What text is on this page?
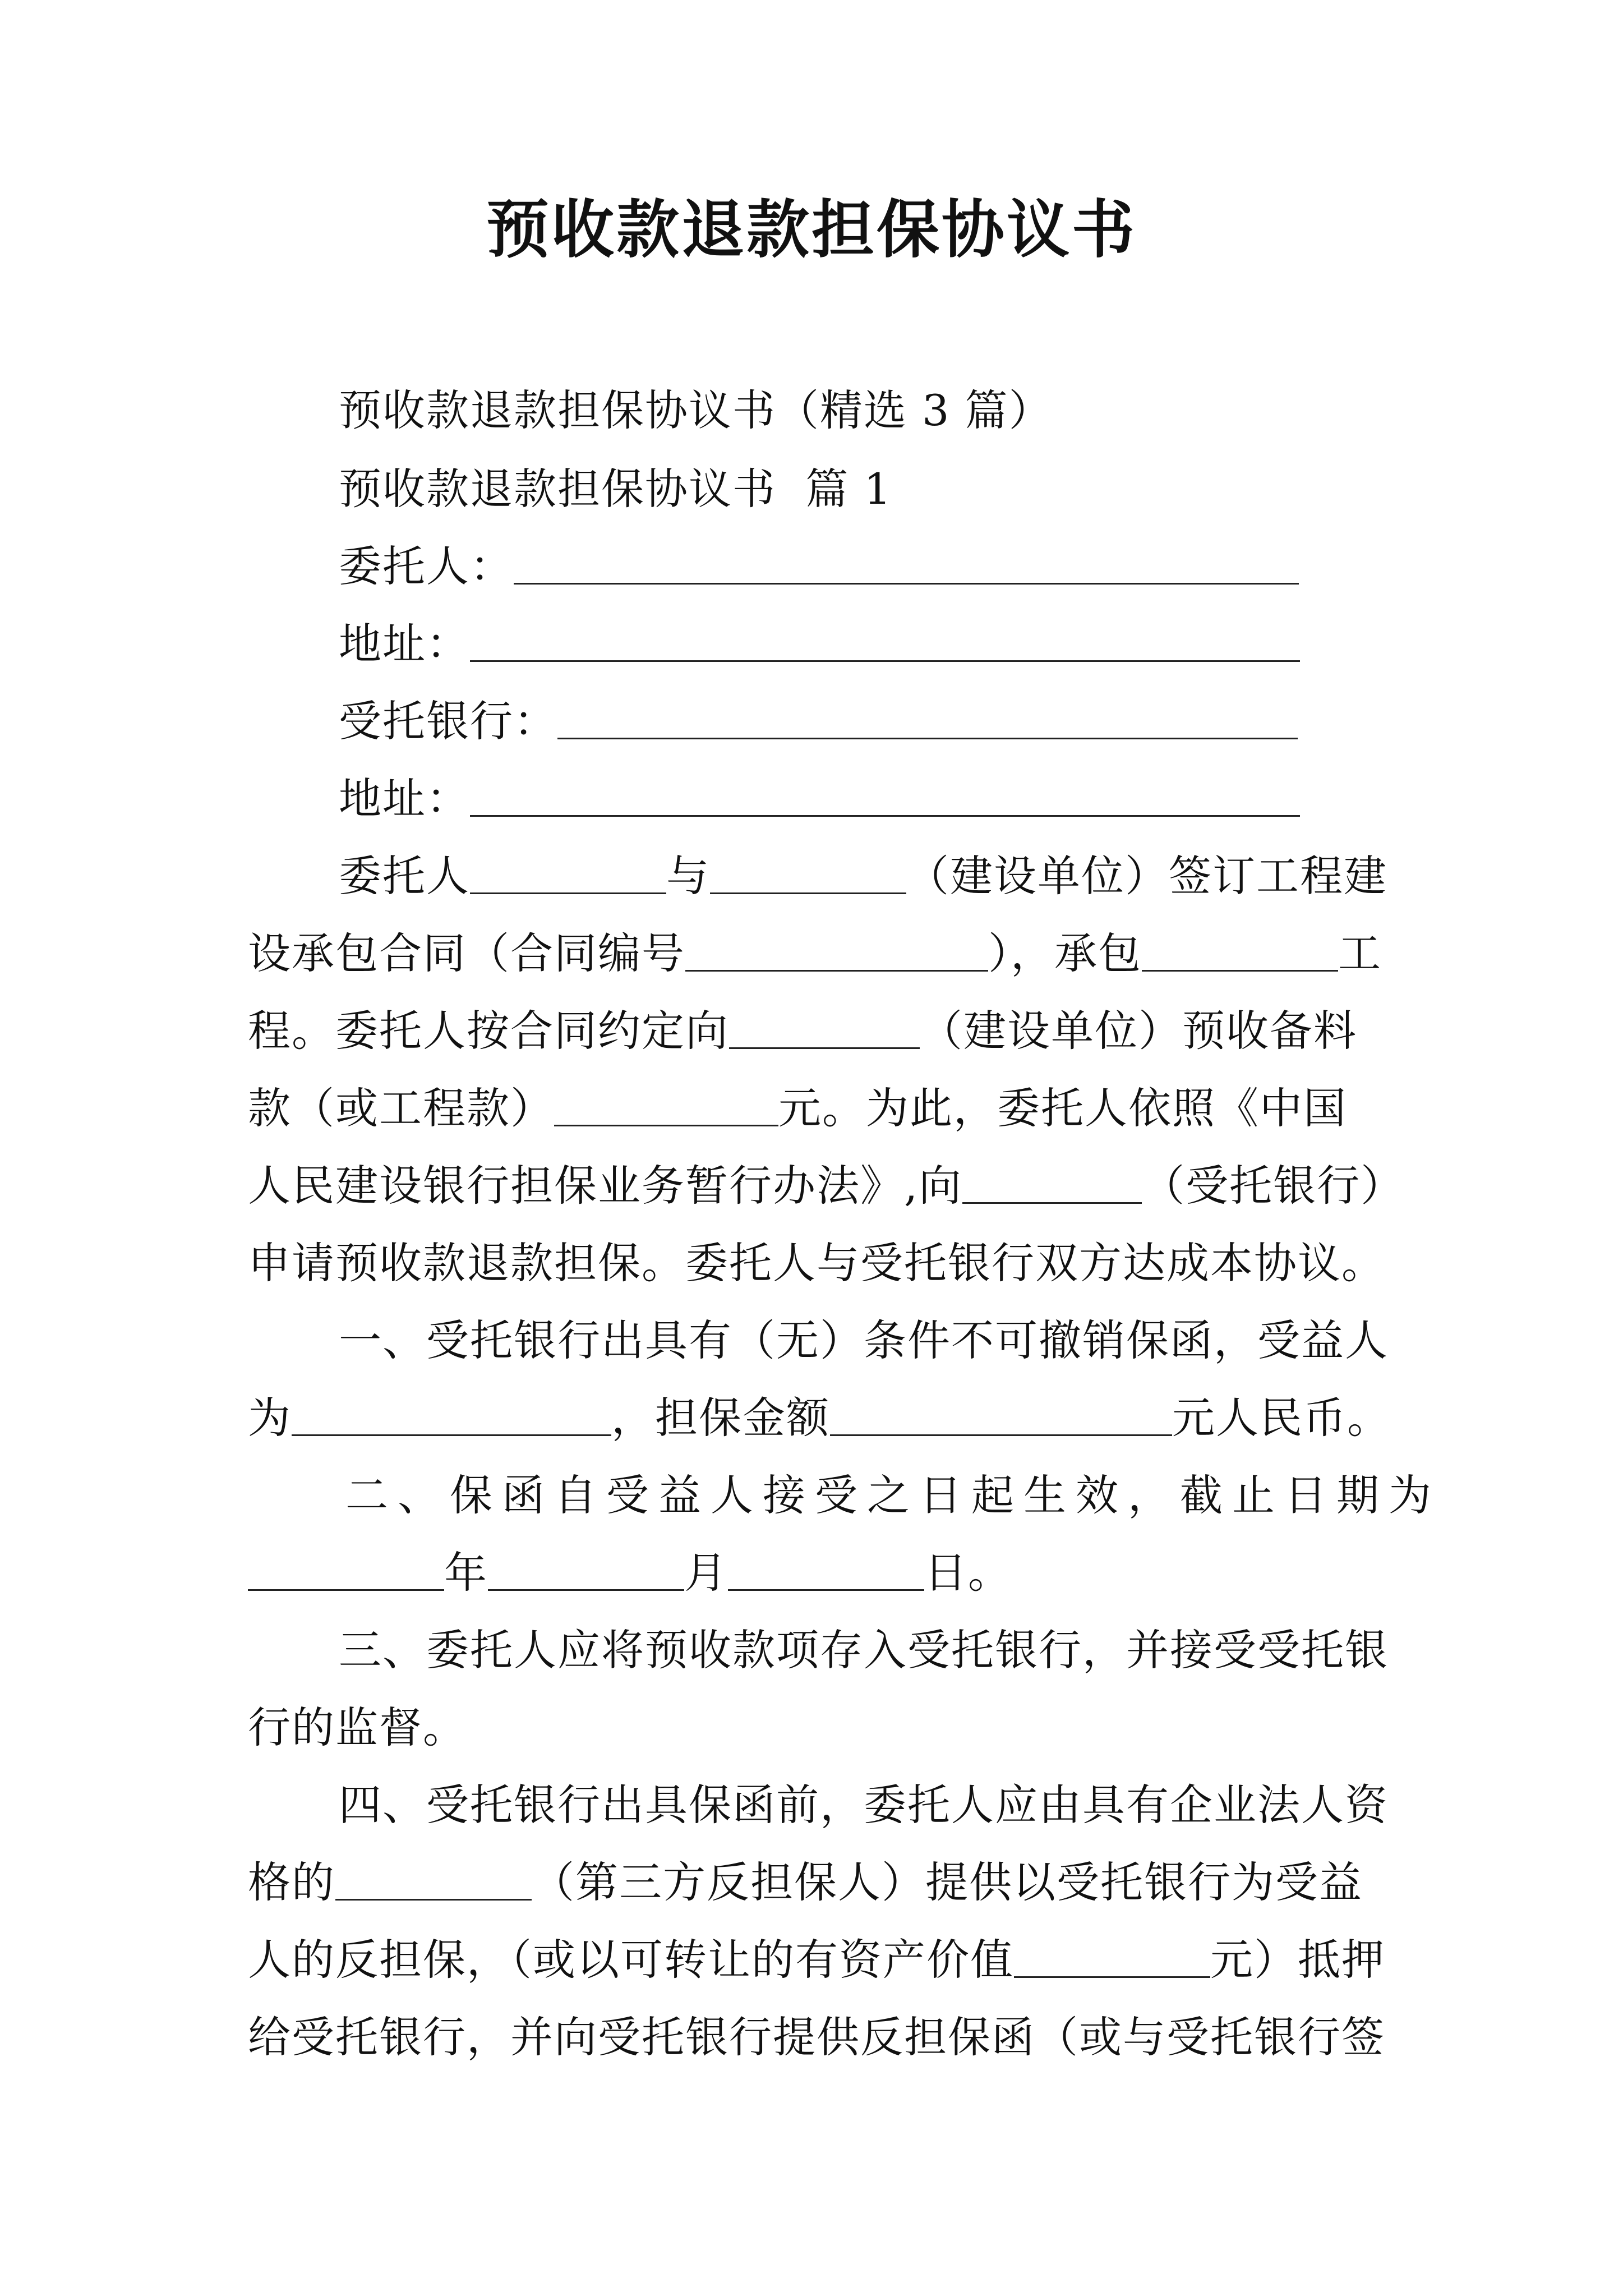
预收款退款担保协议书
预收款退款担保协议书（精选 3 篇）
预收款退款担保协议书  篇 1
委托人：
地址：
受托银行：
地址：
委托人	与	（建设单位）签订工程建
设承包合同（合同编号	），承包	工
程。委托人按合同约定向	（建设单位）预收备料
款（或工程款）	元。为此，委托人依照《中国
人民建设银行担保业务暂行办法》,向	（受托银行）
申请预收款退款担保。委托人与受托银行双方达成本协议。
一、受托银行出具有（无）条件不可撤销保函，受益人
为	，担保金额	元人民币。
二、保函自受益人接受之日起生效，截止日期为
年	月	日。
三、委托人应将预收款项存入受托银行，并接受受托银
行的监督。
四、受托银行出具保函前，委托人应由具有企业法人资
格的	（第三方反担保人）提供以受托银行为受益
人的反担保，（或以可转让的有资产价值	元）抵押
给受托银行，并向受托银行提供反担保函（或与受托银行签
